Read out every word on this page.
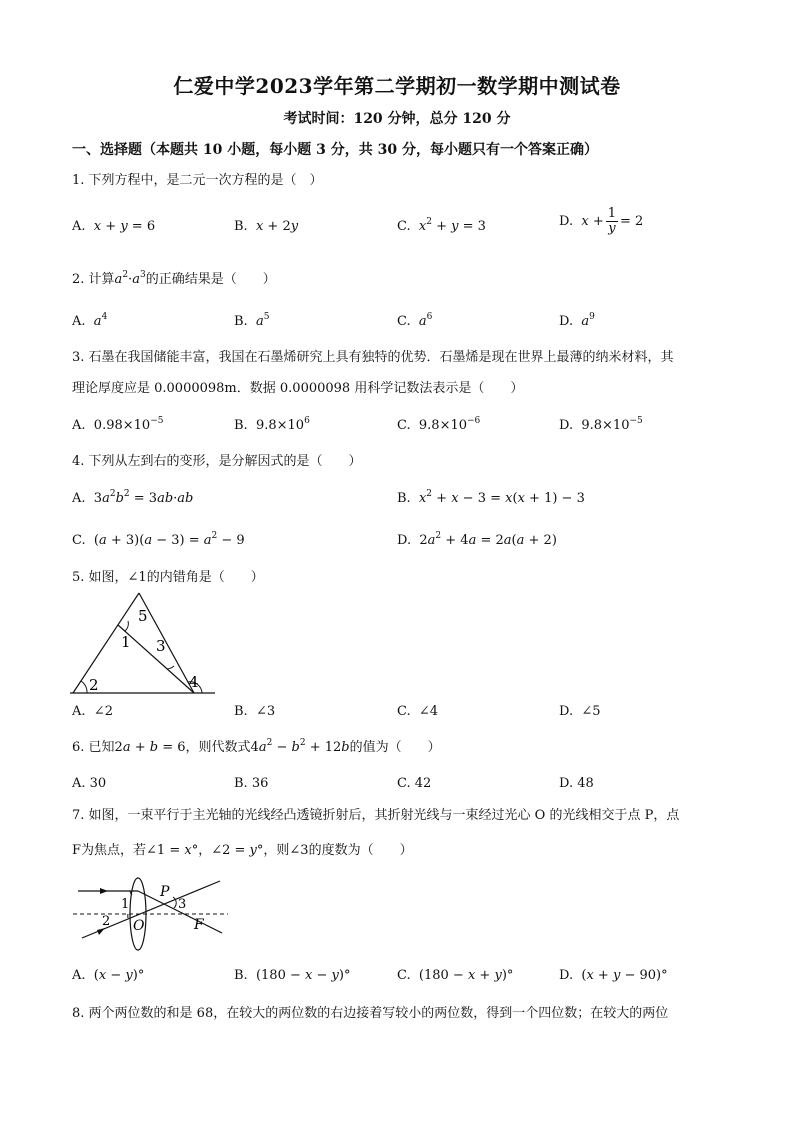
仁爱中学2023学年第二学期初一数学期中测试卷
考试时间：120 分钟，总分 120 分
一、选择题（本题共 10 小题，每小题 3 分，共 30 分，每小题只有一个答案正确）
1. 下列方程中，是二元一次方程的是（　）
A. x + y = 6	B. x + 2y	C. $x^2 + y = 3$	D. $x + \frac{1}{y} = 2$
2. 计算$a^2\cdot a^3$的正确结果是（　　）
A. $a^4$	B. $a^5$	C. $a^6$	D. $a^9$
3. 石墨在我国储能丰富，我国在石墨烯研究上具有独特的优势．石墨烯是现在世界上最薄的纳米材料，其
理论厚度应是 0.0000098m．数据 0.0000098 用科学记数法表示是（　　）
A.  $0.98\times 10^{-5}$	B.  $9.8\times 10^6$	C.  $9.8\times 10^{-6}$	D.  $9.8\times 10^{-5}$
4. 下列从左到右的变形，是分解因式的是（　　）
A.  $3a^2b^2 = 3ab\cdot ab$	B. $x^2 + x - 3 = x(x + 1) - 3$
C.  $(a + 3)(a - 3) = a^2 - 9$	D.  $2a^2 + 4a = 2a(a + 2)$
5. 如图，∠1的内错角是（　　）
5
1 3
2	4
A. ∠2	B. ∠3	C. ∠4	D. ∠5
6. 已知2a + b = 6，则代数式$4a^2 - b^2 + 12b$的值为（　　）
A. 30	B. 36	C. 42	D. 48
7. 如图，一束平行于主光轴的光线经凸透镜折射后，其折射光线与一束经过光心 O 的光线相交于点 P，点
F为焦点，若∠1 = x°，∠2 = y°，则∠3的度数为（　　）
P
1	3
2 O	F
A.  (x − y)°	B.  (180 − x − y)°	C.  (180 − x + y)°	D.  (x + y − 90)°
8. 两个两位数的和是 68，在较大的两位数的右边接着写较小的两位数，得到一个四位数；在较大的两位
